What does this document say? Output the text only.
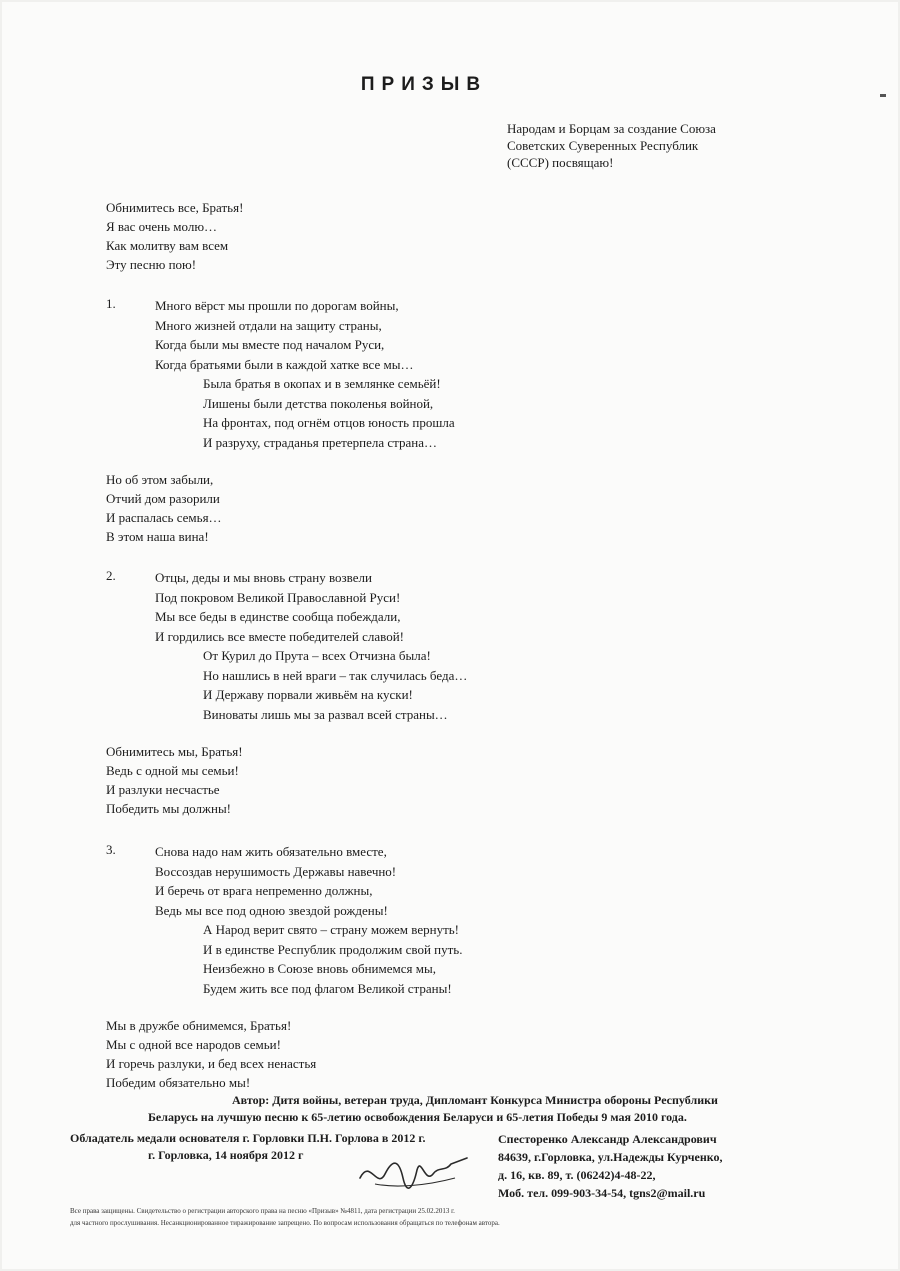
ПРИЗЫВ
Народам и Борцам за создание Союза
Советских Суверенных Республик
(СССР) посвящаю!
Обнимитесь все, Братья!
Я вас очень молю…
Как молитву вам всем
Эту песню пою!
1.	Много вёрст мы прошли по дорогам войны,
Много жизней отдали на защиту страны,
Когда были мы вместе под началом Руси,
Когда братьями были в каждой хатке все мы…
Была братья в окопах и в землянке семьёй!
Лишены были детства поколенья войной,
На фронтах, под огнём отцов юность прошла
И разруху, страданья претерпела страна…
Но об этом забыли,
Отчий дом разорили
И распалась семья…
В этом наша вина!
2.	Отцы, деды и мы вновь страну возвели
Под покровом Великой Православной Руси!
Мы все беды в единстве сообща побеждали,
И гордились все вместе победителей славой!
От Курил до Прута – всех Отчизна была!
Но нашлись в ней враги – так случилась беда…
И Державу порвали живьём на куски!
Виноваты лишь мы за развал всей страны…
Обнимитесь мы, Братья!
Ведь с одной мы семьи!
И разлуки несчастье
Победить мы должны!
3.	Снова надо нам жить обязательно вместе,
Воссоздав нерушимость Державы навечно!
И беречь от врага непременно должны,
Ведь мы все под одною звездой рождены!
А Народ верит свято – страну можем вернуть!
И в единстве Республик продолжим свой путь.
Неизбежно в Союзе вновь обнимемся мы,
Будем жить все под флагом Великой страны!
Мы в дружбе обнимемся, Братья!
Мы с одной все народов семьи!
И горечь разлуки, и бед всех ненастья
Победим обязательно мы!
Автор: Дитя войны, ветеран труда, Дипломант Конкурса Министра обороны Республики
Беларусь на лучшую песню к 65-летию освобождения Беларуси и 65-летия Победы 9 мая 2010 года.
Обладатель медали основателя г. Горловки П.Н. Горлова в 2012 г.
г. Горловка, 14 ноября 2012 г
Спесторенко Александр Александрович
84639, г.Горловка, ул.Надежды Курченко,
д. 16, кв. 89, т. (06242)4-48-22,
Моб. тел. 099-903-34-54, tgns2@mail.ru
Все права защищены. Свидетельство о регистрации авторского права на песню «Призыв» №4811, дата регистрации 25.02.2013 г.
для частного прослушивания. Несанкционированное тиражирование запрещено. По вопросам использования обращаться по телефонам автора.
